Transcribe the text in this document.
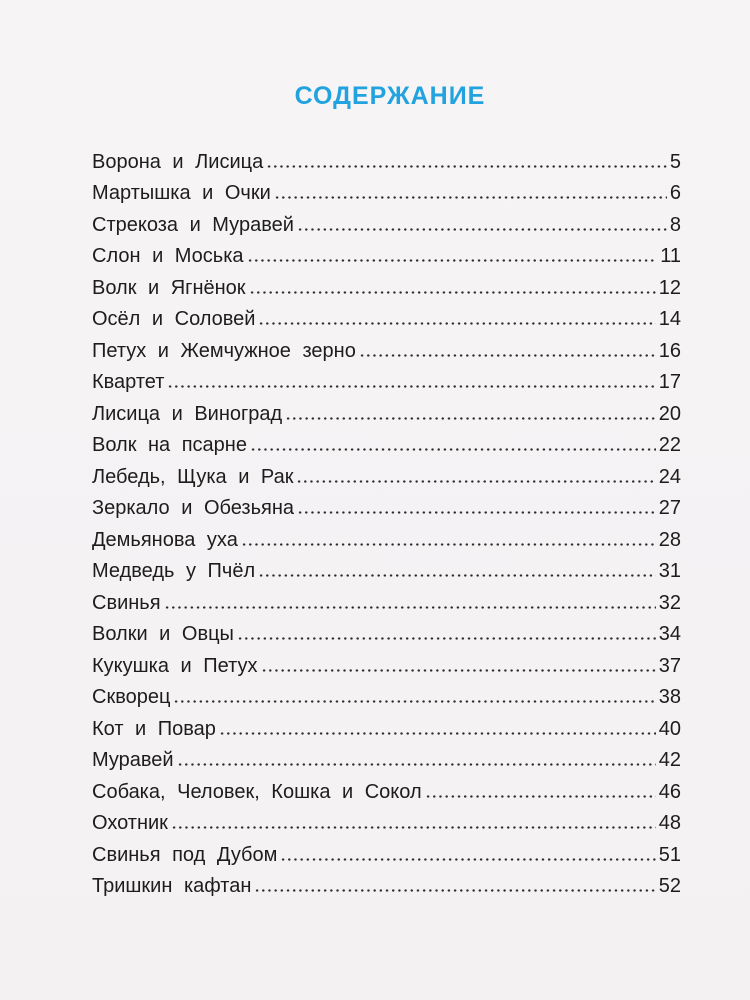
СОДЕРЖАНИЕ
Ворона и Лисица	5
Мартышка и Очки	6
Стрекоза и Муравей	8
Слон и Моська	11
Волк и Ягнёнок	12
Осёл и Соловей	14
Петух и Жемчужное зерно	16
Квартет	17
Лисица и Виноград	20
Волк на псарне	22
Лебедь, Щука и Рак	24
Зеркало и Обезьяна	27
Демьянова уха	28
Медведь у Пчёл	31
Свинья	32
Волки и Овцы	34
Кукушка и Петух	37
Скворец	38
Кот и Повар	40
Муравей	42
Собака, Человек, Кошка и Сокол	46
Охотник	48
Свинья под Дубом	51
Тришкин кафтан	52
